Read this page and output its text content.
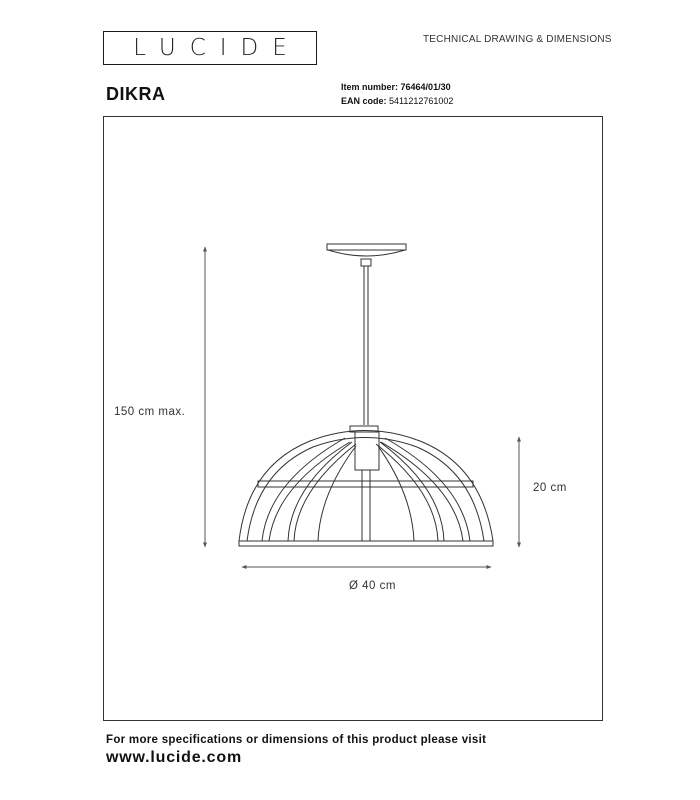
LUCIDE	TECHNICAL DRAWING & DIMENSIONS
DIKRA	Item number: 76464/01/30
EAN code: 5411212761002
150 cm max.
20 cm
Ø 40 cm
For more specifications or dimensions of this product please visit
www.lucide.com
